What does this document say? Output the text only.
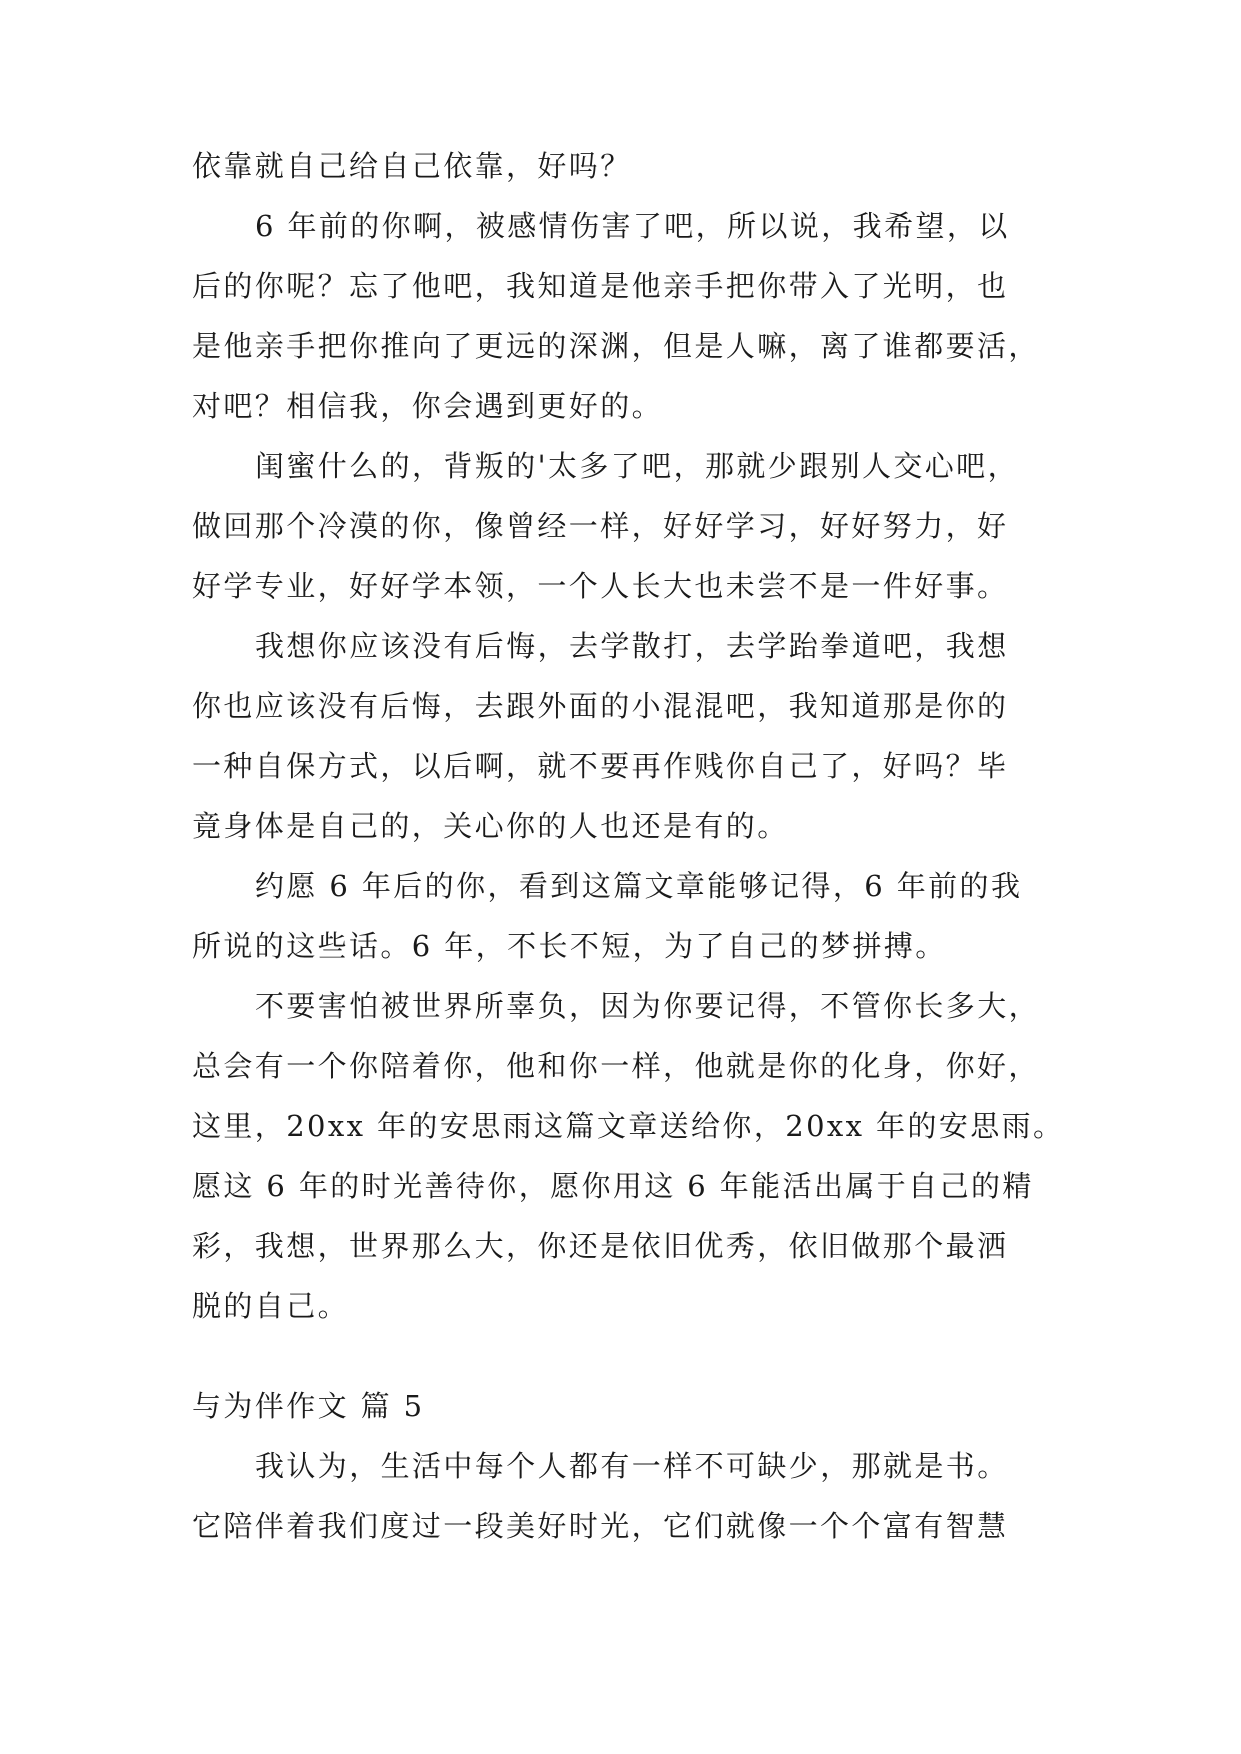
依靠就自己给自己依靠，好吗？
6 年前的你啊，被感情伤害了吧，所以说，我希望，以
后的你呢？忘了他吧，我知道是他亲手把你带入了光明，也
是他亲手把你推向了更远的深渊，但是人嘛，离了谁都要活，
对吧？相信我，你会遇到更好的。
闺蜜什么的，背叛的'太多了吧，那就少跟别人交心吧，
做回那个冷漠的你，像曾经一样，好好学习，好好努力，好
好学专业，好好学本领，一个人长大也未尝不是一件好事。
我想你应该没有后悔，去学散打，去学跆拳道吧，我想
你也应该没有后悔，去跟外面的小混混吧，我知道那是你的
一种自保方式，以后啊，就不要再作贱你自己了，好吗？毕
竟身体是自己的，关心你的人也还是有的。
约愿 6 年后的你，看到这篇文章能够记得，6 年前的我
所说的这些话。6 年，不长不短，为了自己的梦拼搏。
不要害怕被世界所辜负，因为你要记得，不管你长多大，
总会有一个你陪着你，他和你一样，他就是你的化身，你好，
这里，20xx 年的安思雨这篇文章送给你，20xx 年的安思雨。
愿这 6 年的时光善待你，愿你用这 6 年能活出属于自己的精
彩，我想，世界那么大，你还是依旧优秀，依旧做那个最洒
脱的自己。
与为伴作文 篇 5
我认为，生活中每个人都有一样不可缺少，那就是书。
它陪伴着我们度过一段美好时光，它们就像一个个富有智慧
